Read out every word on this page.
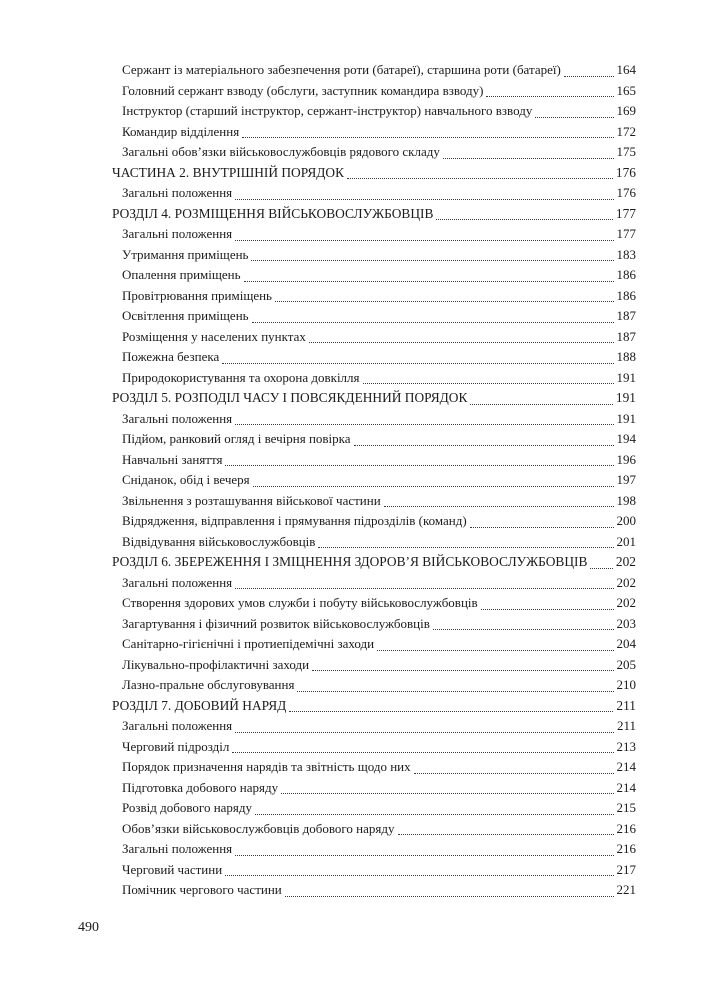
Сержант із матеріального забезпечення роти (батареї), старшина роти (батареї)	164
Головний сержант взводу (обслуги, заступник командира взводу)	165
Інструктор (старший інструктор, сержант-інструктор) навчального взводу	169
Командир відділення	172
Загальні обов’язки військовослужбовців рядового складу	175
ЧАСТИНА 2. ВНУТРІШНІЙ ПОРЯДОК	176
Загальні положення	176
РОЗДІЛ 4. РОЗМІЩЕННЯ ВІЙСЬКОВОСЛУЖБОВЦІВ	177
Загальні положення	177
Утримання приміщень	183
Опалення приміщень	186
Провітрювання приміщень	186
Освітлення приміщень	187
Розміщення у населених пунктах	187
Пожежна безпека	188
Природокористування та охорона довкілля	191
РОЗДІЛ 5. РОЗПОДІЛ ЧАСУ І ПОВСЯКДЕННИЙ ПОРЯДОК	191
Загальні положення	191
Підйом, ранковий огляд і вечірня повірка	194
Навчальні заняття	196
Сніданок, обід і вечеря	197
Звільнення з розташування військової частини	198
Відрядження, відправлення і прямування підрозділів (команд)	200
Відвідування військовослужбовців	201
РОЗДІЛ 6. ЗБЕРЕЖЕННЯ І ЗМІЦНЕННЯ ЗДОРОВ’Я ВІЙСЬКОВОСЛУЖБОВЦІВ 202
Загальні положення	202
Створення здорових умов служби і побуту військовослужбовців	202
Загартування і фізичний розвиток військовослужбовців	203
Санітарно-гігієнічні і протиепідемічні заходи	204
Лікувально-профілактичні заходи	205
Лазно-пральне обслуговування	210
РОЗДІЛ 7. ДОБОВИЙ НАРЯД	211
Загальні положення	211
Черговий підрозділ	213
Порядок призначення нарядів та звітність щодо них	214
Підготовка добового наряду	214
Розвід добового наряду	215
Обов’язки військовослужбовців добового наряду	216
Загальні положення	216
Черговий частини	217
Помічник чергового частини	221
490
